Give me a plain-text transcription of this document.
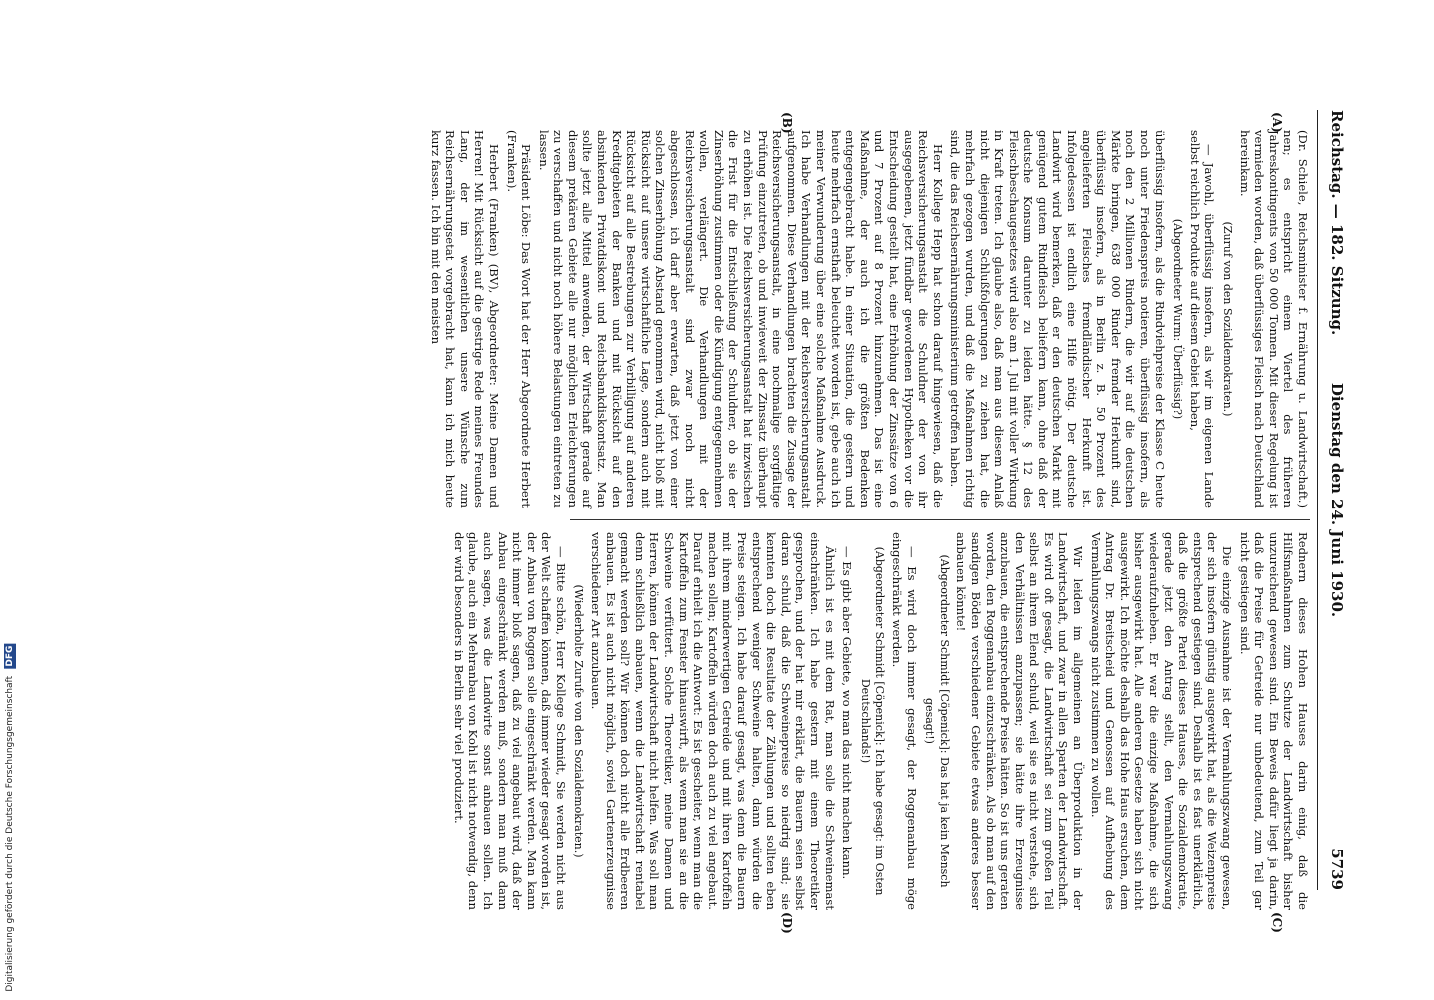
Reichstag. — 182. Sitzung.
Dienstag den 24. Juni 1930.
5739
(A)
(B)
(C)
(D)

(Dr. Schiele, Reichsminister f. Ernährung u. Landwirtschaft.) nen; es entspricht einem Viertel des früheren Jahreskontingents von 50 000 Tonnen. Mit dieser Regelung ist vermieden worden, daß überflüssiges Fleisch nach Deutschland hereinkam.

(Zuruf von den Sozialdemokraten.)

— Jawohl, überflüssig insofern, als wir im eigenen Lande selbst reichlich Produkte auf diesem Gebiet haben,

(Abgeordneter Wurm: Überflüssig?)

überflüssig insofern, als die Rindviehpreise der Klasse C heute noch unter Friedenspreis notieren, überflüssig insofern, als noch den 2 Millionen Rindern, die wir auf die deutschen Märkte bringen, 638 000 Rinder fremder Herkunft sind, überflüssig insofern, als in Berlin z. B. 50 Prozent des angelieferten Fleisches fremdländischer Herkunft ist. Infolgedessen ist endlich eine Hilfe nötig. Der deutsche Landwirt wird bemerken, daß er den deutschen Markt mit genügend gutem Rindfleisch beliefern kann, ohne daß der deutsche Konsum darunter zu leiden hätte. § 12 des Fleischbeschaugesetzes wird also am 1. Juli mit voller Wirkung in Kraft treten. Ich glaube also, daß man aus diesem Anlaß nicht diejenigen Schlußfolgerungen zu ziehen hat, die mehrfach gezogen wurden, und daß die Maßnahmen richtig sind, die das Reichsernährungsministerium getroffen haben.

Herr Kollege Hepp hat schon darauf hingewiesen, daß die Reichsversicherungsanstalt die Schuldner der von ihr ausgegebenen, jetzt fündbar gewordenen Hypotheken vor die Entscheidung gestellt hat, eine Erhöhung der Zinssätze von 6 und 7 Prozent auf 8 Prozent hinzunehmen. Das ist eine Maßnahme, der auch ich die größten Bedenken entgegengebracht habe. In einer Situation, die gestern und heute mehrfach ernsthaft beleuchtet worden ist, gebe auch ich meiner Verwunderung über eine solche Maßnahme Ausdruck. Ich habe Verhandlungen mit der Reichsversicherungsanstalt aufgenommen. Diese Verhandlungen brachten die Zusage der Reichsversicherungsanstalt, in eine nochmalige sorgfältige Prüfung einzutreten, ob und inwieweit der Zinssatz überhaupt zu erhöhen ist. Die Reichsversicherungsanstalt hat inzwischen die Frist für die Entschließung der Schuldner, ob sie der Zinserhöhung zustimmen oder die Kündigung entgegennehmen wollen, verlängert. Die Verhandlungen mit der Reichsversicherungsanstalt sind zwar noch nicht abgeschlossen, ich darf aber erwarten, daß jetzt von einer solchen Zinserhöhung Abstand genommen wird, nicht bloß mit Rücksicht auf unsere wirtschaftliche Lage, sondern auch mit Rücksicht auf alle Bestrebungen zur Verbilligung auf anderen Kreditgebieten der Banken und mit Rücksicht auf den absinkenden Privatdiskont und Reichsbankdiskontsatz. Man sollte jetzt alle Mittel anwenden, der Wirtschaft gerade auf diesem prekären Gebiete alle nur möglichen Erleichterungen zu verschaffen und nicht noch höhere Belastungen eintreten zu lassen.

Präsident Löbe: Das Wort hat der Herr Abgeordnete Herbert (Franken).

Herbert (Franken) (BV), Abgeordneter: Meine Damen und Herren! Mit Rücksicht auf die gestrige Rede meines Freundes Lang, der im wesentlichen unsere Wünsche zum Reichsernährungsetat vorgebracht hat, kann ich mich heute kurz fassen. Ich bin mit den meisten

Rednern dieses Hohen Hauses darin einig, daß die Hilfsmaßnahmen zum Schutze der Landwirtschaft bisher unzureichend gewesen sind. Ein Beweis dafür liegt ja darin, daß die Preise für Getreide nur unbedeutend, zum Teil gar nicht gestiegen sind.

Die einzige Ausnahme ist der Vermahlungszwang gewesen, der sich insofern günstig ausgewirkt hat, als die Weizenpreise entsprechend gestiegen sind. Deshalb ist es fast unerklärlich, daß die größte Partei dieses Hauses, die Sozialdemokratie, gerade jetzt den Antrag stellt, den Vermahlungszwang wiederaufzuheben. Er war die einzige Maßnahme, die sich bisher ausgewirkt hat. Alle anderen Gesetze haben sich nicht ausgewirkt. Ich möchte deshalb das Hohe Haus ersuchen, dem Antrag Dr. Breitscheid und Genossen auf Aufhebung des Vermahlungszwangs nicht zustimmen zu wollen.

Wir leiden im allgemeinen an Überproduktion in der Landwirtschaft, und zwar in allen Sparten der Landwirtschaft. Es wird oft gesagt, die Landwirtschaft sei zum großen Teil selbst an ihrem Elend schuld, weil sie es nicht verstehe, sich den Verhältnissen anzupassen; sie hätte ihre Erzeugnisse anzubauen, die entsprechende Preise hätten. So ist uns geraten worden, den Roggenanbau einzuschränken. Als ob man auf den sandigen Böden verschiedener Gebiete etwas anderes besser anbauen könnte!

(Abgeordneter Schmidt [Cöpenick]: Das hat ja kein Mensch gesagt!)

— Es wird doch immer gesagt, der Roggenanbau möge eingeschränkt werden.

(Abgeordneter Schmidt [Cöpenick]: Ich habe gesagt: im Osten Deutschlands!)

— Es gibt aber Gebiete, wo man das nicht machen kann.

Ähnlich ist es mit dem Rat, man solle die Schweinemast einschränken. Ich habe gestern mit einem Theoretiker gesprochen, und der hat mir erklärt, die Bauern seien selbst daran schuld, daß die Schweinepreise so niedrig sind; sie kennten doch die Resultate der Zählungen und sollten eben entsprechend weniger Schweine halten, dann würden die Preise steigen. Ich habe darauf gesagt, was denn die Bauern mit ihrem minderwertigen Getreide und mit ihren Kartoffeln machen sollen; Kartoffeln würden doch auch zu viel angebaut. Darauf erhielt ich die Antwort: Es ist gescheiter, wenn man die Kartoffeln zum Fenster hinauswirft, als wenn man sie an die Schweine verfüttert. Solche Theoretiker, meine Damen und Herren, können der Landwirtschaft nicht helfen. Was soll man denn schließlich anbauen, wenn die Landwirtschaft rentabel gemacht werden soll? Wir können doch nicht alle Erdbeeren anbauen. Es ist auch nicht möglich, soviel Gartenerzeugnisse verschiedener Art anzubauen.

(Wiederholte Zurufe von den Sozialdemokraten.)

— Bitte schön, Herr Kollege Schmidt, Sie werden nicht aus der Welt schaffen können, daß immer wieder gesagt worden ist, der Anbau von Roggen solle eingeschränkt werden. Man kann nicht immer bloß sagen, daß zu viel angebaut wird, daß der Anbau eingeschränkt werden muß, sondern man muß dann auch sagen, was die Landwirte sonst anbauen sollen. Ich glaube, auch ein Mehranbau von Kohl ist nicht notwendig, denn der wird besonders in Berlin sehr viel produziert.

Digitalisierung gefördert durch die Deutsche Forschungsgemeinschaft DFG
